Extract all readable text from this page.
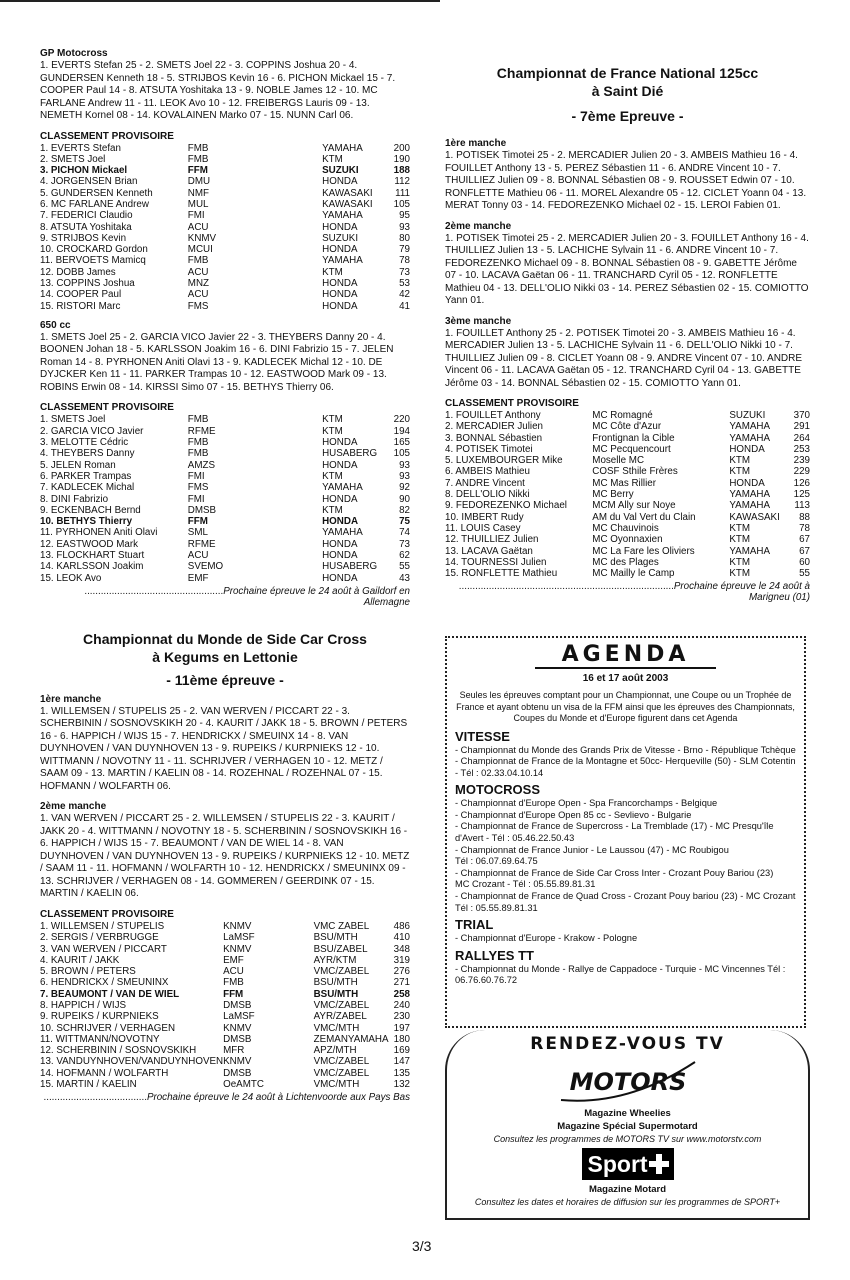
GP Motocross

1. EVERTS Stefan 25 - 2. SMETS Joel 22 - 3. COPPINS Joshua 20 - 4. GUNDERSEN Kenneth 18 - 5. STRIJBOS Kevin 16 - 6. PICHON Mickael 15 - 7. COOPER Paul 14 - 8. ATSUTA Yoshitaka 13 - 9. NOBLE James 12 - 10. MC FARLANE Andrew 11 - 11. LEOK Avo 10 - 12. FREIBERGS Lauris 09 - 13. NEMETH Kornel 08 - 14. KOVALAINEN Marko 07 - 15. NUNN Carl 06.

CLASSEMENT PROVISOIRE

1. EVERTS Stefan	FMB	YAMAHA	200
2. SMETS Joel	FMB	KTM	190
3. PICHON Mickael	FFM	SUZUKI	188
4. JORGENSEN Brian	DMU	HONDA	112
5. GUNDERSEN Kenneth	NMF	KAWASAKI	111
6. MC FARLANE Andrew	MUL	KAWASAKI	105
7. FEDERICI Claudio	FMI	YAMAHA	95
8. ATSUTA Yoshitaka	ACU	HONDA	93
9. STRIJBOS Kevin	KNMV	SUZUKI	80
10. CROCKARD Gordon	MCUI	HONDA	79
11. BERVOETS Mamicq	FMB	YAMAHA	78
12. DOBB James	ACU	KTM	73
13. COPPINS Joshua	MNZ	HONDA	53
14. COOPER Paul	ACU	HONDA	42
15. RISTORI Marc	FMS	HONDA	41

650 cc

1. SMETS Joel 25 - 2. GARCIA VICO Javier 22 - 3. THEYBERS Danny 20 - 4. BOONEN Johan 18 - 5. KARLSSON Joakim 16 - 6. DINI Fabrizio 15 - 7. JELEN Roman 14 - 8. PYRHONEN Aniti Olavi 13 - 9. KADLECEK Michal 12 - 10. DE DYJCKER Ken 11 - 11. PARKER Trampas 10 - 12. EASTWOOD Mark 09 - 13. ROBINS Erwin 08 - 14. KIRSSI Simo 07 - 15. BETHYS Thierry 06.

CLASSEMENT PROVISOIRE

1. SMETS Joel	FMB	KTM	220
2. GARCIA VICO Javier	RFME	KTM	194
3. MELOTTE Cédric	FMB	HONDA	165
4. THEYBERS Danny	FMB	HUSABERG	105
5. JELEN Roman	AMZS	HONDA	93
6. PARKER Trampas	FMI	KTM	93
7. KADLECEK Michal	FMS	YAMAHA	92
8. DINI Fabrizio	FMI	HONDA	90
9. ECKENBACH Bernd	DMSB	KTM	82
10. BETHYS Thierry	FFM	HONDA	75
11. PYRHONEN Aniti Olavi	SML	YAMAHA	74
12. EASTWOOD Mark	RFME	HONDA	73
13. FLOCKHART Stuart	ACU	HONDA	62
14. KARLSSON Joakim	SVEMO	HUSABERG	55
15. LEOK Avo	EMF	HONDA	43

...................................................Prochaine épreuve le 24 août à Gaildorf en Allemagne

Championnat du Monde de Side Car Cross

à Kegums en Lettonie

- 11ème épreuve -

1ère manche

1. WILLEMSEN / STUPELIS 25 - 2. VAN WERVEN / PICCART 22 - 3. SCHERBININ / SOSNOVSKIKH 20 - 4. KAURIT / JAKK 18 - 5. BROWN / PETERS 16 - 6. HAPPICH / WIJS 15 - 7. HENDRICKX / SMEUINX 14 - 8. VAN DUYNHOVEN / VAN DUYNHOVEN 13 - 9. RUPEIKS / KURPNIEKS 12 - 10. WITTMANN / NOVOTNY 11 - 11. SCHRIJVER / VERHAGEN 10 - 12. METZ / SAAM 09 - 13. MARTIN / KAELIN 08 - 14. ROZEHNAL / ROZEHNAL 07 - 15. HOFMANN / WOLFARTH 06.

2ème manche

1. VAN WERVEN / PICCART 25 - 2. WILLEMSEN / STUPELIS 22 - 3. KAURIT / JAKK 20 - 4. WITTMANN / NOVOTNY 18 - 5. SCHERBININ / SOSNOVSKIKH 16 - 6. HAPPICH / WIJS 15 - 7. BEAUMONT / VAN DE WIEL 14 - 8. VAN DUYNHOVEN / VAN DUYNHOVEN 13 - 9. RUPEIKS / KURPNIEKS 12 - 10. METZ / SAAM 11 - 11. HOFMANN / WOLFARTH 10 - 12. HENDRICKX / SMEUNINX 09 - 13. SCHRIJVER / VERHAGEN 08 - 14. GOMMEREN / GEERDINK 07 - 15. MARTIN / KAELIN 06.

CLASSEMENT PROVISOIRE

1. WILLEMSEN / STUPELIS	KNMV	VMC ZABEL	486
2. SERGIS / VERBRUGGE	LaMSF	BSU/MTH	410
3. VAN WERVEN / PICCART	KNMV	BSU/ZABEL	348
4. KAURIT / JAKK	EMF	AYR/KTM	319
5. BROWN / PETERS	ACU	VMC/ZABEL	276
6. HENDRICKX / SMEUNINX	FMB	BSU/MTH	271
7. BEAUMONT / VAN DE WIEL	FFM	BSU/MTH	258
8. HAPPICH / WIJS	DMSB	VMC/ZABEL	240
9. RUPEIKS / KURPNIEKS	LaMSF	AYR/ZABEL	230
10. SCHRIJVER / VERHAGEN	KNMV	VMC/MTH	197
11. WITTMANN/NOVOTNY	DMSB	ZEMANYAMAHA	180
12. SCHERBININ / SOSNOVSKIKH	MFR	APZ/MTH	169
13. VANDUYNHOVEN/VANDUYNHOVEN	KNMV	VMC/ZABEL	147
14. HOFMANN / WOLFARTH	DMSB	VMC/ZABEL	135
15. MARTIN / KAELIN	OeAMTC	VMC/MTH	132

......................................Prochaine épreuve le 24 août à Lichtenvoorde aux Pays Bas

Championnat de France National 125cc

à Saint Dié

- 7ème Epreuve -

1ère manche

1. POTISEK Timotei 25 - 2. MERCADIER Julien 20 - 3. AMBEIS Mathieu 16 - 4. FOUILLET Anthony 13 - 5. PEREZ Sébastien 11 - 6. ANDRE Vincent 10 - 7. THUILLIEZ Julien 09 - 8. BONNAL Sébastien 08 - 9. ROUSSET Edwin 07 - 10. RONFLETTE Mathieu 06 - 11. MOREL Alexandre 05 - 12. CICLET Yoann 04 - 13. MERAT Tonny 03 - 14. FEDOREZENKO Michael 02 - 15. LEROI Fabien 01.

2ème manche

1. POTISEK Timotei 25 - 2. MERCADIER Julien 20 - 3. FOUILLET Anthony 16 - 4. THUILLIEZ Julien 13 - 5. LACHICHE Sylvain 11 - 6. ANDRE Vincent 10 - 7. FEDOREZENKO Michael 09 - 8. BONNAL Sébastien 08 - 9. GABETTE Jérôme 07 - 10. LACAVA Gaëtan 06 - 11. TRANCHARD Cyril 05 - 12. RONFLETTE Mathieu 04 - 13. DELL'OLIO Nikki 03 - 14. PEREZ Sébastien 02 - 15. COMIOTTO Yann 01.

3ème manche

1. FOUILLET Anthony 25 - 2. POTISEK Timotei 20 - 3. AMBEIS Mathieu 16 - 4. MERCADIER Julien 13 - 5. LACHICHE Sylvain 11 - 6. DELL'OLIO Nikki 10 - 7. THUILLIEZ Julien 09 - 8. CICLET Yoann 08 - 9. ANDRE Vincent 07 - 10. ANDRE Vincent 06 - 11. LACAVA Gaëtan 05 - 12. TRANCHARD Cyril 04 - 13. GABETTE Jérôme 03 - 14. BONNAL Sébastien 02 - 15. COMIOTTO Yann 01.

CLASSEMENT PROVISOIRE

1. FOUILLET Anthony	MC Romagné	SUZUKI	370
2. MERCADIER Julien	MC Côte d'Azur	YAMAHA	291
3. BONNAL Sébastien	Frontignan la Cible	YAMAHA	264
4. POTISEK Timotei	MC Pecquencourt	HONDA	253
5. LUXEMBOURGER Mike	Moselle MC	KTM	239
6. AMBEIS Mathieu	COSF Sthile Frères	KTM	229
7. ANDRE Vincent	MC Mas Rillier	HONDA	126
8. DELL'OLIO Nikki	MC Berry	YAMAHA	125
9. FEDOREZENKO Michael	MCM Ally sur Noye	YAMAHA	113
10. IMBERT Rudy	AM du Val Vert du Clain	KAWASAKI	88
11. LOUIS Casey	MC Chauvinois	KTM	78
12. THUILLIEZ Julien	MC Oyonnaxien	KTM	67
13. LACAVA Gaëtan	MC La Fare les Oliviers	YAMAHA	67
14. TOURNESSI Julien	MC des Plages	KTM	60
15. RONFLETTE Mathieu	MC Mailly le Camp	KTM	55

...............................................................................Prochaine épreuve le 24 août à Marigneu (01)

AGENDA

16 et 17 août 2003

Seules les épreuves comptant pour un Championnat, une Coupe ou un Trophée de France et ayant obtenu un visa de la FFM ainsi que les épreuves des Championnats, Coupes du Monde et d'Europe figurent dans cet Agenda

VITESSE

- Championnat du Monde des Grands Prix de Vitesse - Brno - République Tchèque

- Championnat de France de la Montagne et 50cc- Herqueville (50) - SLM Cotentin

- Tél : 02.33.04.10.14

MOTOCROSS

- Championnat d'Europe Open - Spa Francorchamps - Belgique

- Championnat d'Europe Open 85 cc - Sevlievo - Bulgarie

- Championnat de France de Supercross - La Tremblade (17) - MC Presqu'île d'Avert - Tél : 05.46.22.50.43

- Championnat de France Junior - Le Laussou (47) - MC Roubigou

Tél : 06.07.69.64.75

- Championnat de France de Side Car Cross Inter - Crozant Pouy Bariou (23)

MC Crozant - Tél : 05.55.89.81.31

- Championnat de France de Quad Cross - Crozant Pouy bariou (23) - MC Crozant

Tél : 05.55.89.81.31

TRIAL

- Championnat d'Europe - Krakow - Pologne

RALLYES TT

- Championnat du Monde - Rallye de Cappadoce - Turquie - MC Vincennes Tél : 06.76.60.76.72

RENDEZ-VOUS TV

MOTORS

Magazine Wheelies

Magazine Spécial Supermotard

Consultez les programmes de MOTORS TV sur www.motorstv.com

Sport

Magazine Motard

Consultez les dates et horaires de diffusion sur les programmes de SPORT+

3/3
